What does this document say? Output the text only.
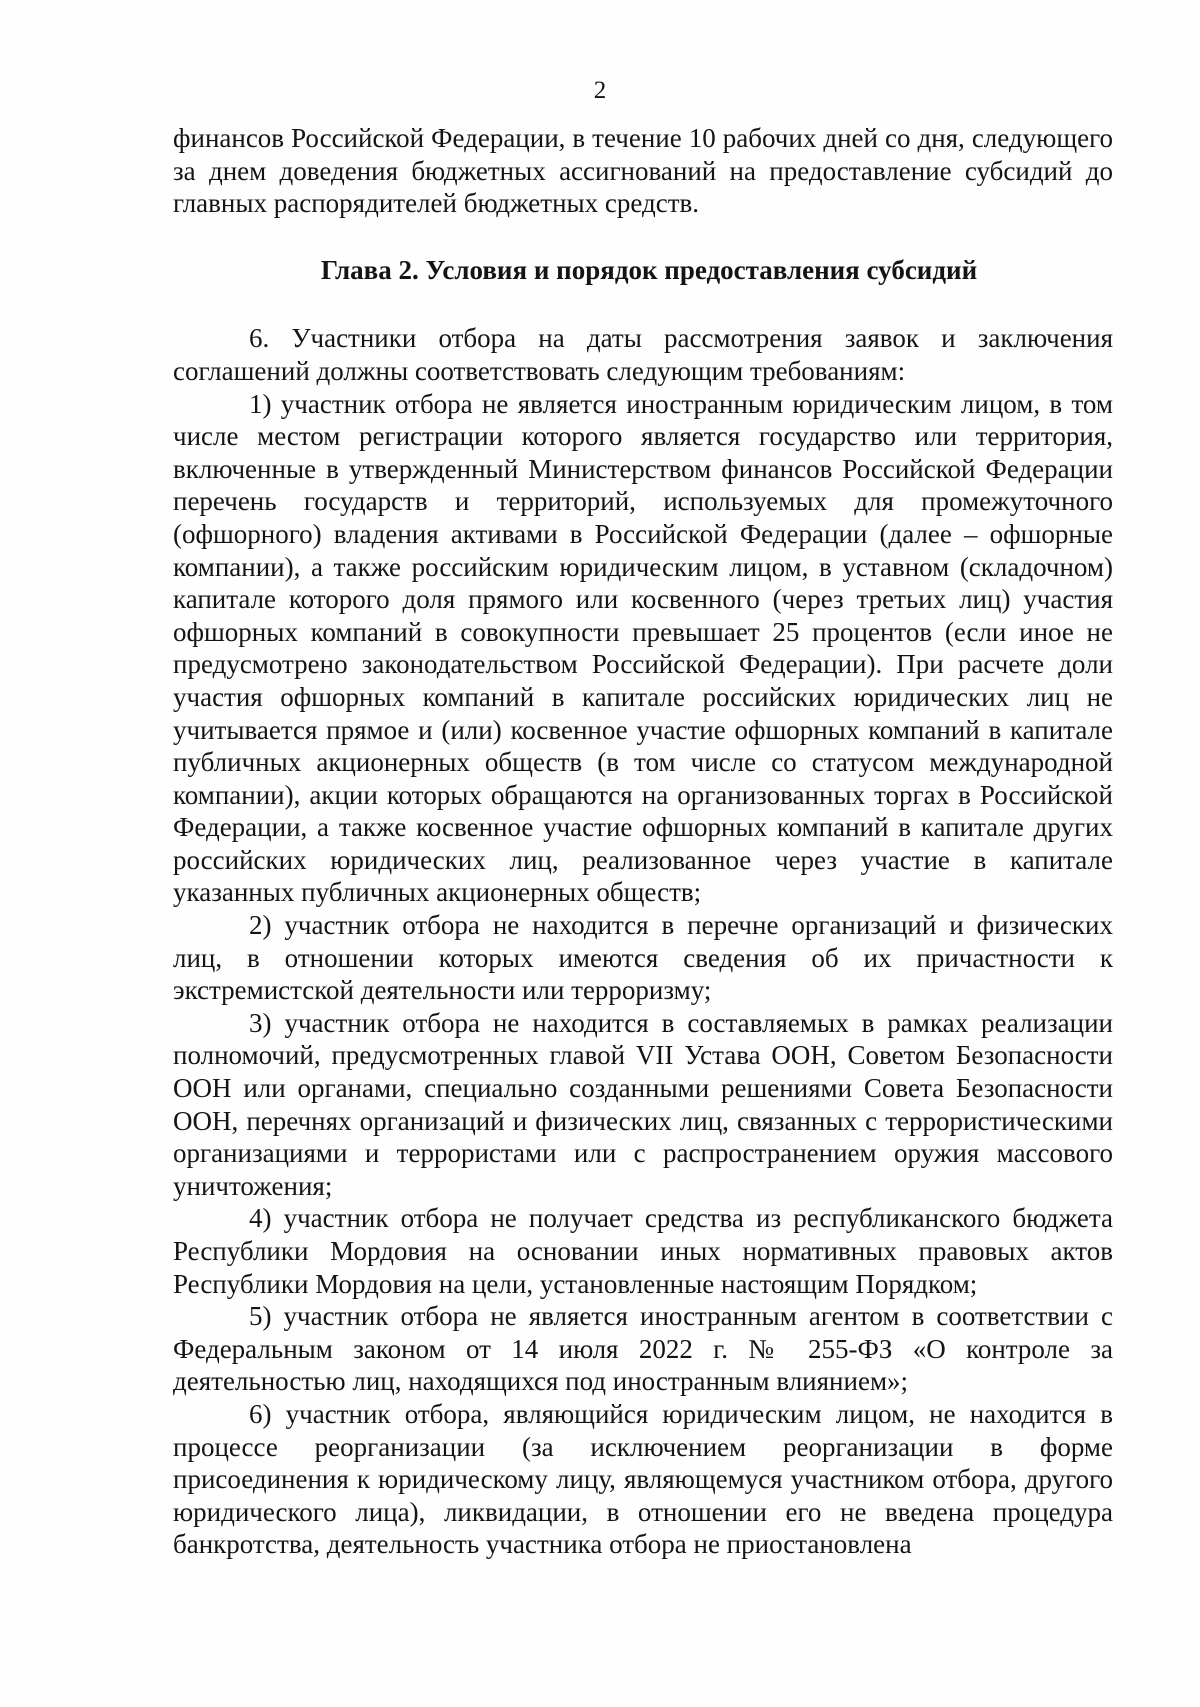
2

финансов Российской Федерации, в течение 10 рабочих дней со дня, следующего за днем доведения бюджетных ассигнований на предоставление субсидий до главных распорядителей бюджетных средств.

Глава 2. Условия и порядок предоставления субсидий

6. Участники отбора на даты рассмотрения заявок и заключения соглашений должны соответствовать следующим требованиям:

1) участник отбора не является иностранным юридическим лицом, в том числе местом регистрации которого является государство или территория, включенные в утвержденный Министерством финансов Российской Федерации перечень государств и территорий, используемых для промежуточного (офшорного) владения активами в Российской Федерации (далее – офшорные компании), а также российским юридическим лицом, в уставном (складочном) капитале которого доля прямого или косвенного (через третьих лиц) участия офшорных компаний в совокупности превышает 25 процентов (если иное не предусмотрено законодательством Российской Федерации). При расчете доли участия офшорных компаний в капитале российских юридических лиц не учитывается прямое и (или) косвенное участие офшорных компаний в капитале публичных акционерных обществ (в том числе со статусом международной компании), акции которых обращаются на организованных торгах в Российской Федерации, а также косвенное участие офшорных компаний в капитале других российских юридических лиц, реализованное через участие в капитале указанных публичных акционерных обществ;

2) участник отбора не находится в перечне организаций и физических лиц, в отношении которых имеются сведения об их причастности к экстремистской деятельности или терроризму;

3) участник отбора не находится в составляемых в рамках реализации полномочий, предусмотренных главой VII Устава ООН, Советом Безопасности ООН или органами, специально созданными решениями Совета Безопасности ООН, перечнях организаций и физических лиц, связанных с террористическими организациями и террористами или с распространением оружия массового уничтожения;

4) участник отбора не получает средства из республиканского бюджета Республики Мордовия на основании иных нормативных правовых актов Республики Мордовия на цели, установленные настоящим Порядком;

5) участник отбора не является иностранным агентом в соответствии с Федеральным законом от 14 июля 2022 г. № 255-ФЗ «О контроле за деятельностью лиц, находящихся под иностранным влиянием»;

6) участник отбора, являющийся юридическим лицом, не находится в процессе реорганизации (за исключением реорганизации в форме присоединения к юридическому лицу, являющемуся участником отбора, другого юридического лица), ликвидации, в отношении его не введена процедура банкротства, деятельность участника отбора не приостановлена
